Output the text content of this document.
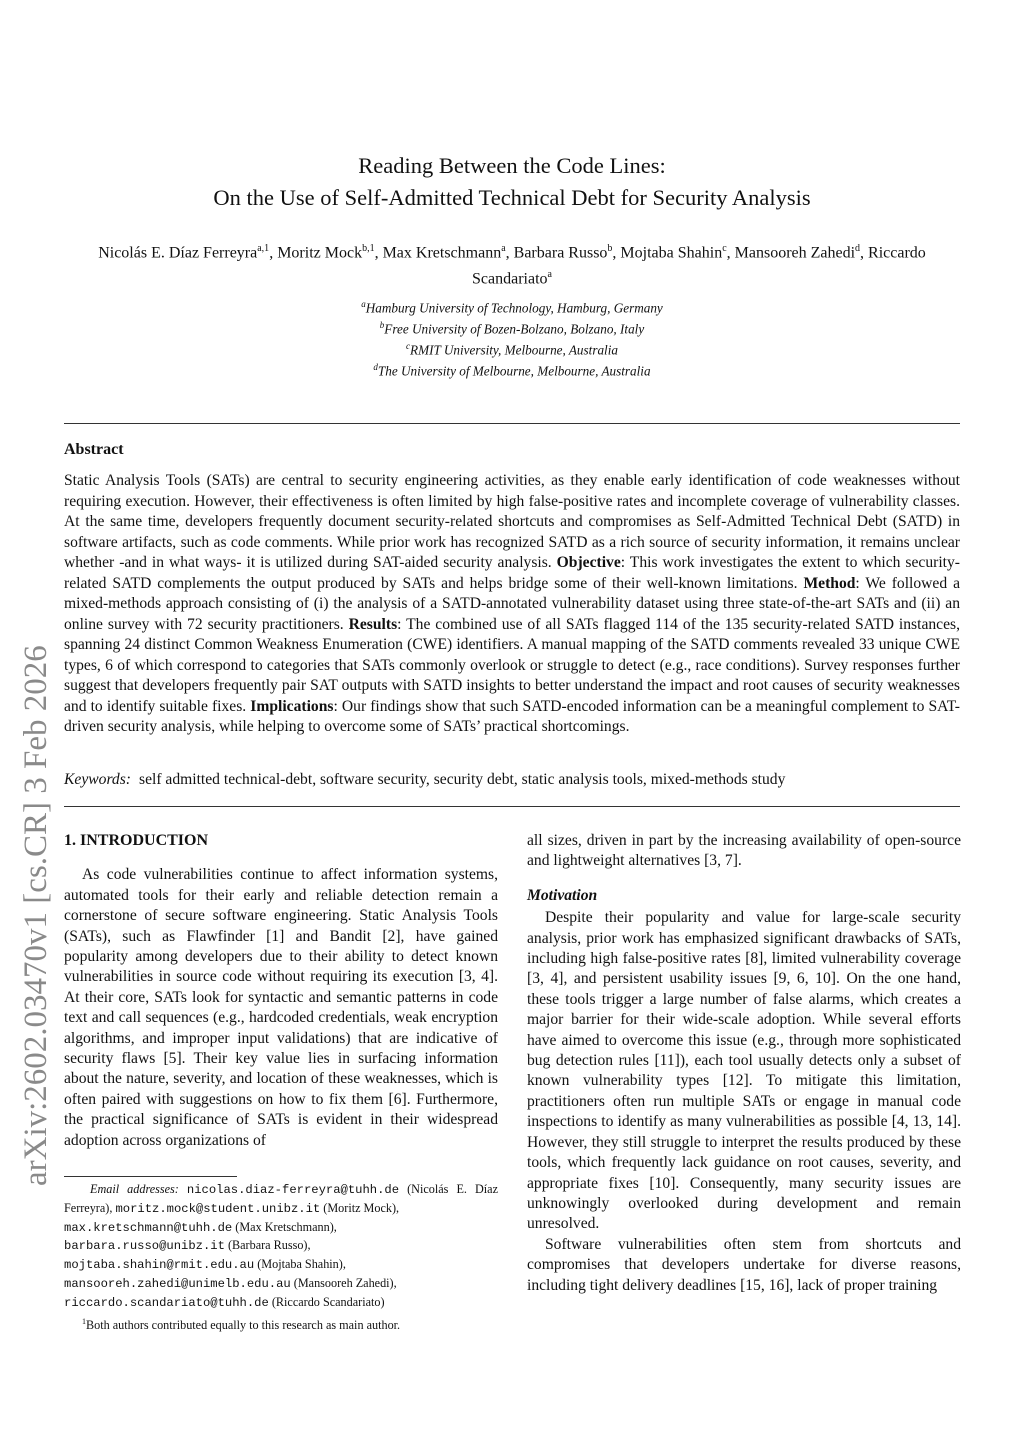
arXiv:2602.03470v1 [cs.CR] 3 Feb 2026
Reading Between the Code Lines:
On the Use of Self-Admitted Technical Debt for Security Analysis
Nicolás E. Díaz Ferreyra$^{a,1}$, Moritz Mock$^{b,1}$, Max Kretschmann$^a$, Barbara Russo$^b$, Mojtaba Shahin$^c$, Mansooreh Zahedi$^d$, Riccardo Scandariato$^a$
$^a$Hamburg University of Technology, Hamburg, Germany
$^b$Free University of Bozen-Bolzano, Bolzano, Italy
$^c$RMIT University, Melbourne, Australia
$^d$The University of Melbourne, Melbourne, Australia
Abstract
Static Analysis Tools (SATs) are central to security engineering activities, as they enable early identification of code weaknesses without requiring execution. However, their effectiveness is often limited by high false-positive rates and incomplete coverage of vulnerability classes. At the same time, developers frequently document security-related shortcuts and compromises as Self-Admitted Technical Debt (SATD) in software artifacts, such as code comments. While prior work has recognized SATD as a rich source of security information, it remains unclear whether -and in what ways- it is utilized during SAT-aided security analysis. Objective: This work investigates the extent to which security-related SATD complements the output produced by SATs and helps bridge some of their well-known limitations. Method: We followed a mixed-methods approach consisting of (i) the analysis of a SATD-annotated vulnerability dataset using three state-of-the-art SATs and (ii) an online survey with 72 security practitioners. Results: The combined use of all SATs flagged 114 of the 135 security-related SATD instances, spanning 24 distinct Common Weakness Enumeration (CWE) identifiers. A manual mapping of the SATD comments revealed 33 unique CWE types, 6 of which correspond to categories that SATs commonly overlook or struggle to detect (e.g., race conditions). Survey responses further suggest that developers frequently pair SAT outputs with SATD insights to better understand the impact and root causes of security weaknesses and to identify suitable fixes. Implications: Our findings show that such SATD-encoded information can be a meaningful complement to SAT-driven security analysis, while helping to overcome some of SATs’ practical shortcomings.
Keywords: self admitted technical-debt, software security, security debt, static analysis tools, mixed-methods study
1. INTRODUCTION

As code vulnerabilities continue to affect information systems, automated tools for their early and reliable detection remain a cornerstone of secure software engineering. Static Analysis Tools (SATs), such as Flawfinder [1] and Bandit [2], have gained popularity among developers due to their ability to detect known vulnerabilities in source code without requiring its execution [3, 4]. At their core, SATs look for syntactic and semantic patterns in code text and call sequences (e.g., hardcoded credentials, weak encryption algorithms, and improper input validations) that are indicative of security flaws [5]. Their key value lies in surfacing information about the nature, severity, and location of these weaknesses, which is often paired with suggestions on how to fix them [6]. Furthermore, the practical significance of SATs is evident in their widespread adoption across organizations of

Email addresses: nicolas.diaz-ferreyra@tuhh.de (Nicolás E. Díaz Ferreyra), moritz.mock@student.unibz.it (Moritz Mock),
max.kretschmann@tuhh.de (Max Kretschmann),
barbara.russo@unibz.it (Barbara Russo),
mojtaba.shahin@rmit.edu.au (Mojtaba Shahin),
mansooreh.zahedi@unimelb.edu.au (Mansooreh Zahedi),
riccardo.scandariato@tuhh.de (Riccardo Scandariato)
$^1$Both authors contributed equally to this research as main author.

all sizes, driven in part by the increasing availability of open-source and lightweight alternatives [3, 7].

Motivation

Despite their popularity and value for large-scale security analysis, prior work has emphasized significant drawbacks of SATs, including high false-positive rates [8], limited vulnerability coverage [3, 4], and persistent usability issues [9, 6, 10]. On the one hand, these tools trigger a large number of false alarms, which creates a major barrier for their wide-scale adoption. While several efforts have aimed to overcome this issue (e.g., through more sophisticated bug detection rules [11]), each tool usually detects only a subset of known vulnerability types [12]. To mitigate this limitation, practitioners often run multiple SATs or engage in manual code inspections to identify as many vulnerabilities as possible [4, 13, 14]. However, they still struggle to interpret the results produced by these tools, which frequently lack guidance on root causes, severity, and appropriate fixes [10]. Consequently, many security issues are unknowingly overlooked during development and remain unresolved.

Software vulnerabilities often stem from shortcuts and compromises that developers undertake for diverse reasons, including tight delivery deadlines [15, 16], lack of proper training
